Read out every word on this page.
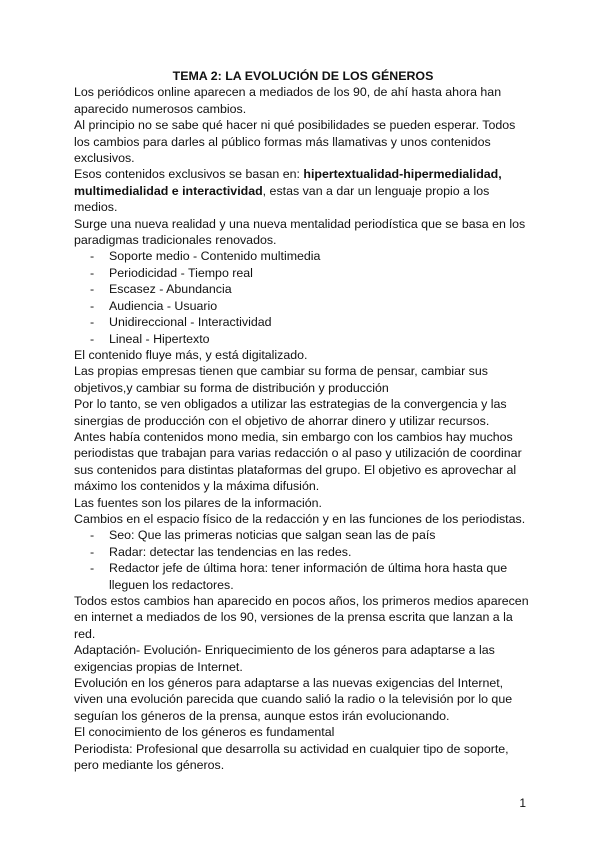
TEMA 2: LA EVOLUCIÓN DE LOS GÉNEROS

Los periódicos online aparecen a mediados de los 90, de ahí hasta ahora han aparecido numerosos cambios.

Al principio no se sabe qué hacer ni qué posibilidades se pueden esperar. Todos los cambios para darles al público formas más llamativas y unos contenidos exclusivos.

Esos contenidos exclusivos se basan en: hipertextualidad-hipermedialidad, multimedialidad e interactividad, estas van a dar un lenguaje propio a los medios.

Surge una nueva realidad y una nueva mentalidad periodística que se basa en los paradigmas tradicionales renovados.

- Soporte medio - Contenido multimedia
- Periodicidad - Tiempo real
- Escasez - Abundancia
- Audiencia - Usuario
- Unidireccional - Interactividad
- Lineal - Hipertexto

El contenido fluye más, y está digitalizado.

Las propias empresas tienen que cambiar su forma de pensar, cambiar sus objetivos,y cambiar su forma de distribución y producción

Por lo tanto, se ven obligados a utilizar las estrategias de la convergencia y las sinergias de producción con el objetivo de ahorrar dinero y utilizar recursos.

Antes había contenidos mono media, sin embargo con los cambios hay muchos periodistas que trabajan para varias redacción o al paso y utilización de coordinar sus contenidos para distintas plataformas del grupo. El objetivo es aprovechar al máximo los contenidos y la máxima difusión.

Las fuentes son los pilares de la información.

Cambios en el espacio físico de la redacción y en las funciones de los periodistas.

- Seo: Que las primeras noticias que salgan sean las de país
- Radar: detectar las tendencias en las redes.
- Redactor jefe de última hora: tener información de última hora hasta que lleguen los redactores.

Todos estos cambios han aparecido en pocos años, los primeros medios aparecen en internet a mediados de los 90, versiones de la prensa escrita que lanzan a la red.

Adaptación- Evolución- Enriquecimiento de los géneros para adaptarse a las exigencias propias de Internet.

Evolución en los géneros para adaptarse a las nuevas exigencias del Internet, viven una evolución parecida que cuando salió la radio o la televisión por lo que seguían los géneros de la prensa, aunque estos irán evolucionando.

El conocimiento de los géneros es fundamental

Periodista: Profesional que desarrolla su actividad en cualquier tipo de soporte, pero mediante los géneros.

1
